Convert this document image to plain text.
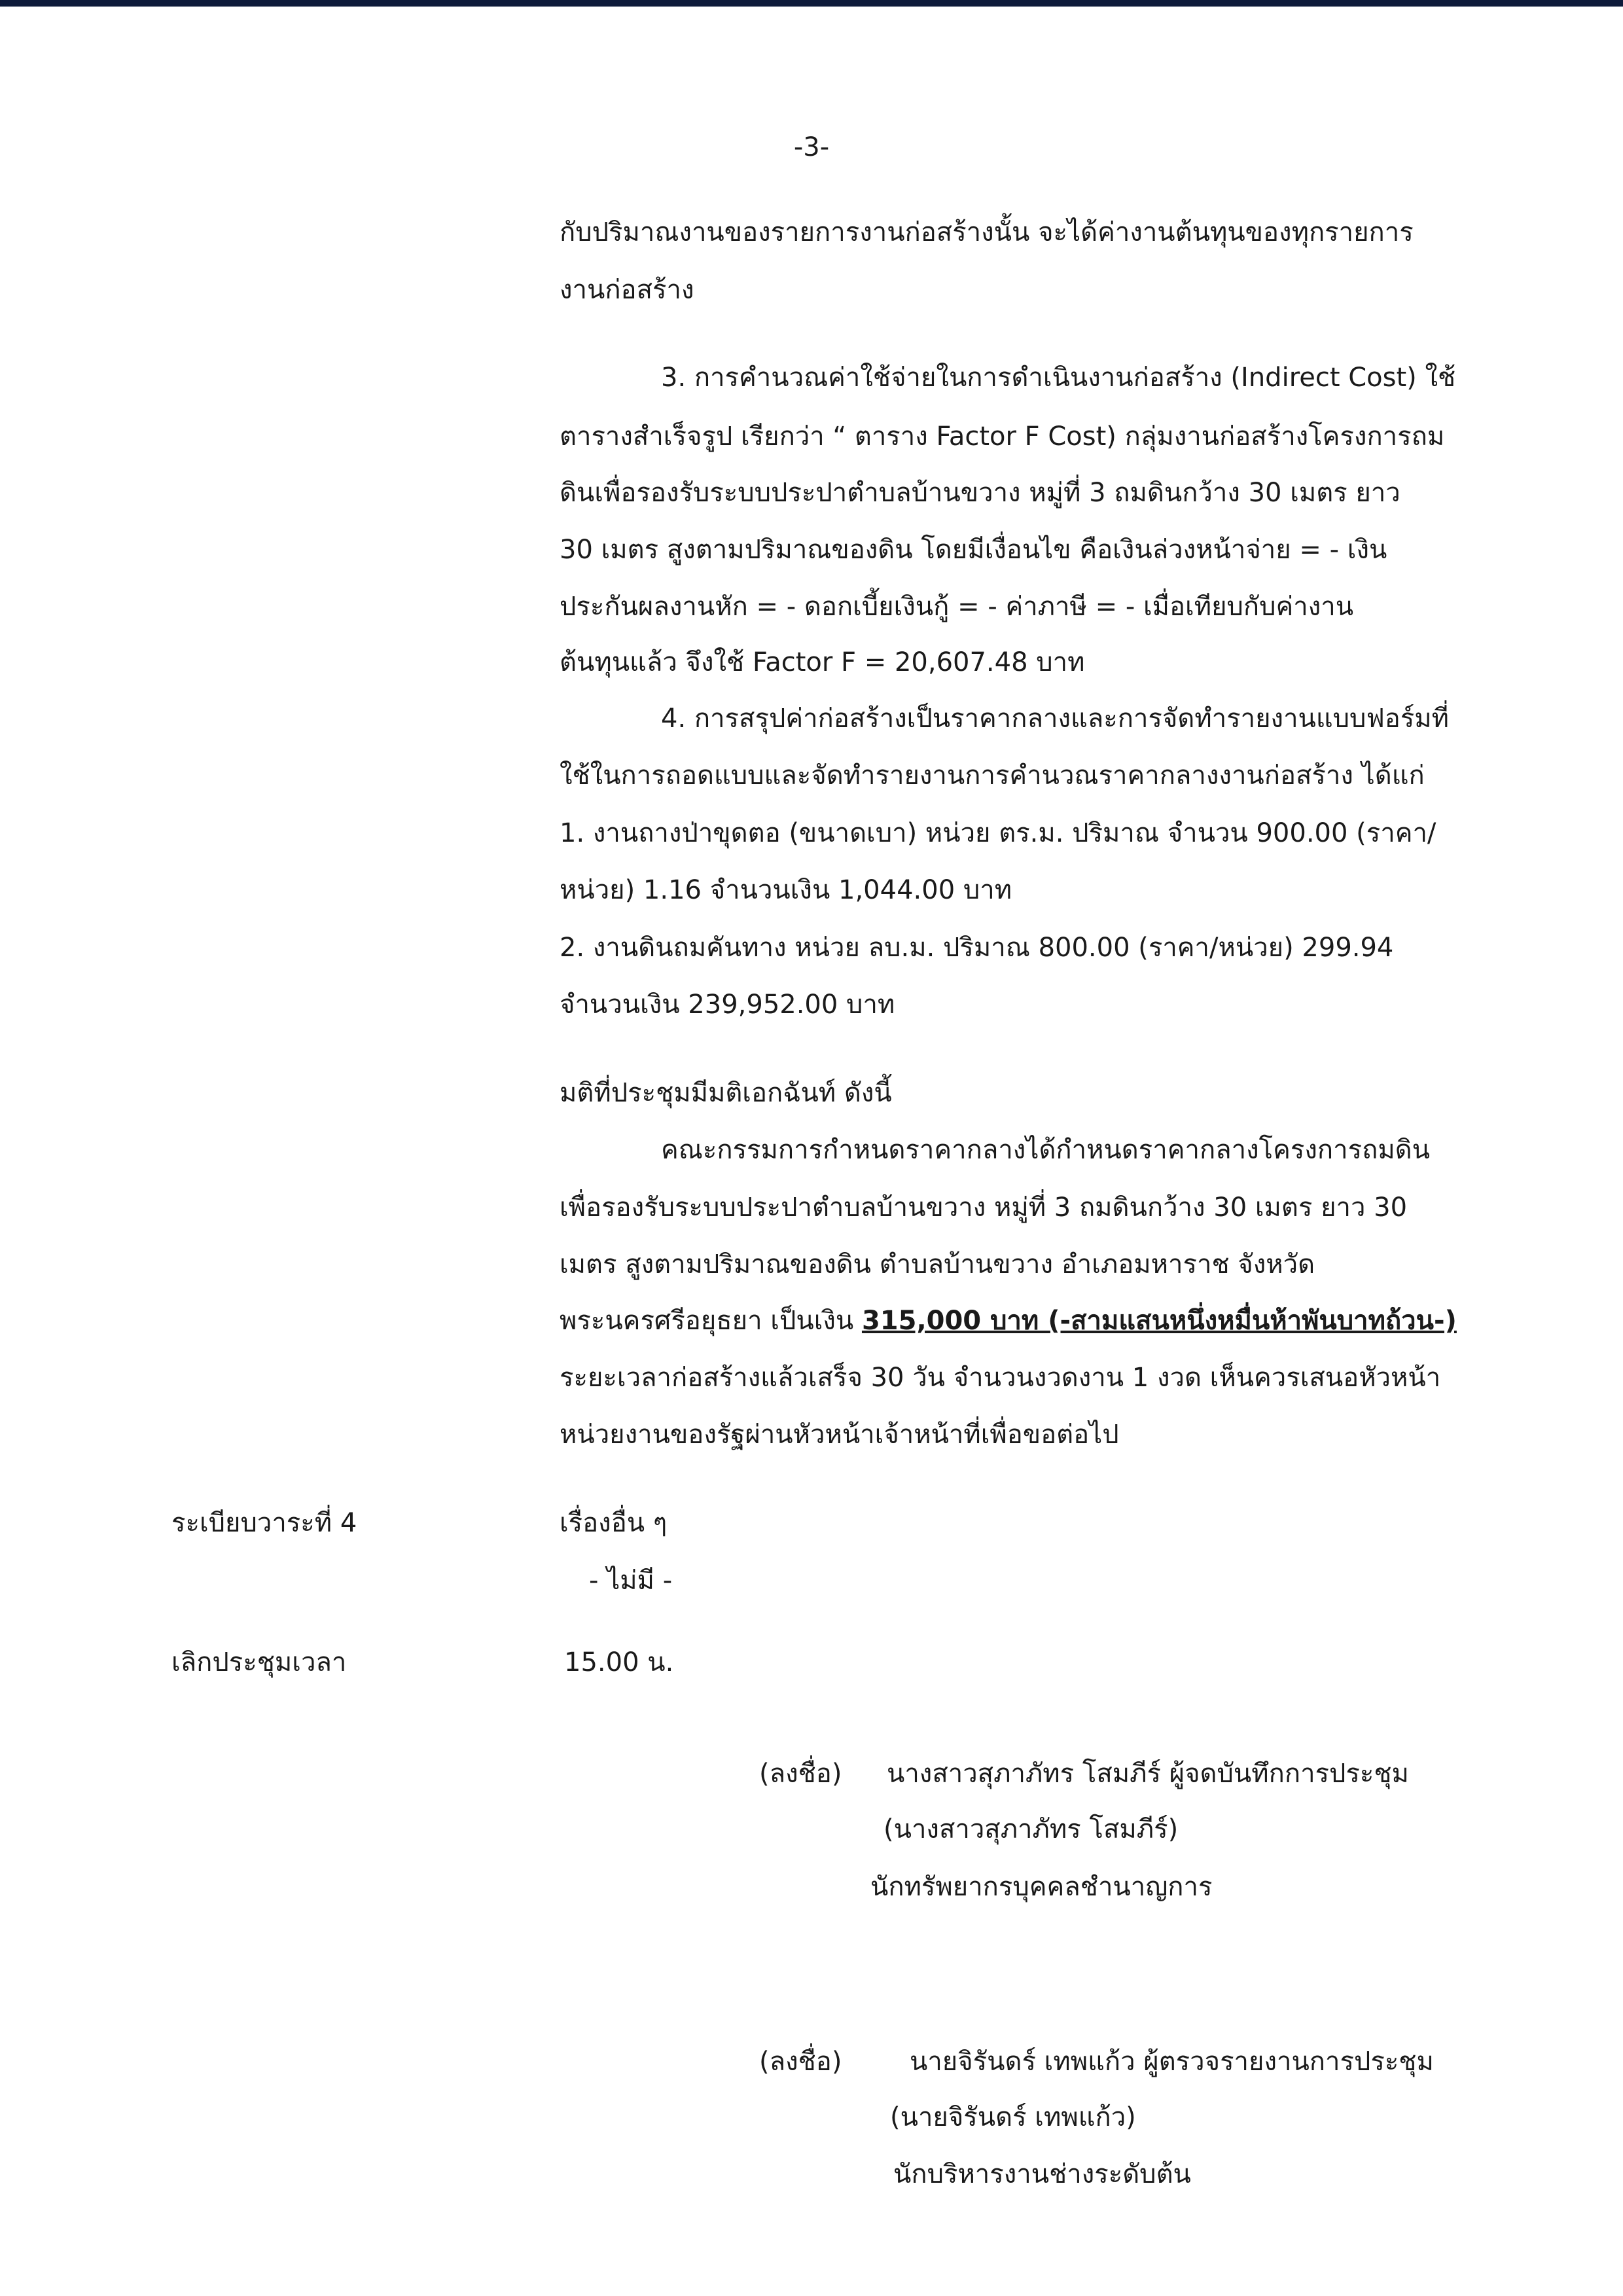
-3-
กับปริมาณงานของรายการงานก่อสร้างนั้น จะได้ค่างานต้นทุนของทุกรายการ
งานก่อสร้าง
3. การคำนวณค่าใช้จ่ายในการดำเนินงานก่อสร้าง (Indirect Cost) ใช้
ตารางสำเร็จรูป เรียกว่า “ ตาราง Factor F Cost) กลุ่มงานก่อสร้างโครงการถม
ดินเพื่อรองรับระบบประปาตำบลบ้านขวาง หมู่ที่ 3 ถมดินกว้าง 30 เมตร ยาว
30 เมตร สูงตามปริมาณของดิน โดยมีเงื่อนไข คือเงินล่วงหน้าจ่าย = - เงิน
ประกันผลงานหัก = - ดอกเบี้ยเงินกู้ = - ค่าภาษี = - เมื่อเทียบกับค่างาน
ต้นทุนแล้ว จึงใช้ Factor F = 20,607.48 บาท
4. การสรุปค่าก่อสร้างเป็นราคากลางและการจัดทำรายงานแบบฟอร์มที่
ใช้ในการถอดแบบและจัดทำรายงานการคำนวณราคากลางงานก่อสร้าง ได้แก่
1. งานถางป่าขุดตอ (ขนาดเบา) หน่วย ตร.ม. ปริมาณ จำนวน 900.00 (ราคา/
หน่วย) 1.16 จำนวนเงิน 1,044.00 บาท
2. งานดินถมคันทาง หน่วย ลบ.ม. ปริมาณ 800.00 (ราคา/หน่วย) 299.94
จำนวนเงิน 239,952.00 บาท
มติที่ประชุมมีมติเอกฉันท์ ดังนี้
คณะกรรมการกำหนดราคากลางได้กำหนดราคากลางโครงการถมดิน
เพื่อรองรับระบบประปาตำบลบ้านขวาง หมู่ที่ 3 ถมดินกว้าง 30 เมตร ยาว 30
เมตร สูงตามปริมาณของดิน ตำบลบ้านขวาง อำเภอมหาราช จังหวัด
พระนครศรีอยุธยา เป็นเงิน 315,000 บาท (-สามแสนหนึ่งหมื่นห้าพันบาทถ้วน-)
ระยะเวลาก่อสร้างแล้วเสร็จ 30 วัน จำนวนงวดงาน 1 งวด เห็นควรเสนอหัวหน้า
หน่วยงานของรัฐผ่านหัวหน้าเจ้าหน้าที่เพื่อขอต่อไป
ระเบียบวาระที่ 4	เรื่องอื่น ๆ
- ไม่มี -
เลิกประชุมเวลา	15.00 น.
(ลงชื่อ) นางสาวสุภาภัทร โสมภีร์ ผู้จดบันทึกการประชุม
(นางสาวสุภาภัทร โสมภีร์)
นักทรัพยากรบุคคลชำนาญการ
(ลงชื่อ)	นายจิรันดร์ เทพแก้ว ผู้ตรวจรายงานการประชุม
(นายจิรันดร์ เทพแก้ว)
นักบริหารงานช่างระดับต้น
